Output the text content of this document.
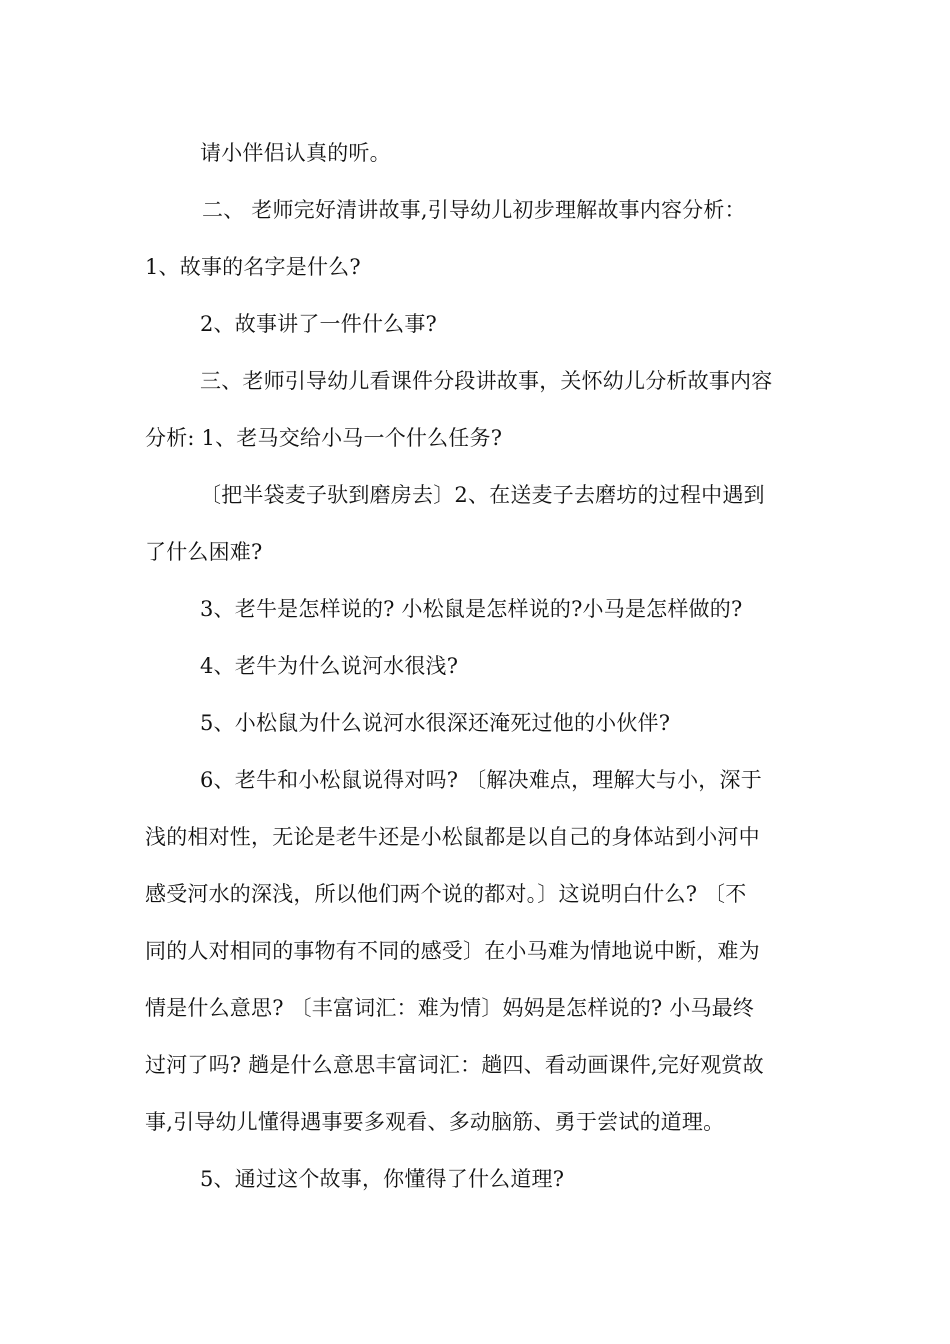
请小伴侣认真的听。
二、 老师完好清讲故事,引导幼儿初步理解故事内容分析：
1、故事的名字是什么?
2、故事讲了一件什么事?
三、老师引导幼儿看课件分段讲故事，关怀幼儿分析故事内容
分析: 1、老马交给小马一个什么任务?
〔把半袋麦子驮到磨房去〕2、在送麦子去磨坊的过程中遇到
了什么困难?
3、老牛是怎样说的? 小松鼠是怎样说的?小马是怎样做的?
4、老牛为什么说河水很浅?
5、小松鼠为什么说河水很深还淹死过他的小伙伴?
6、老牛和小松鼠说得对吗? 〔解决难点，理解大与小，深于
浅的相对性，无论是老牛还是小松鼠都是以自己的身体站到小河中
感受河水的深浅，所以他们两个说的都对。〕这说明白什么? 〔不
同的人对相同的事物有不同的感受〕在小马难为情地说中断，难为
情是什么意思? 〔丰富词汇：难为情〕妈妈是怎样说的? 小马最终
过河了吗? 趟是什么意思丰富词汇：趟四、看动画课件,完好观赏故
事,引导幼儿懂得遇事要多观看、多动脑筋、勇于尝试的道理。
5、通过这个故事，你懂得了什么道理?
